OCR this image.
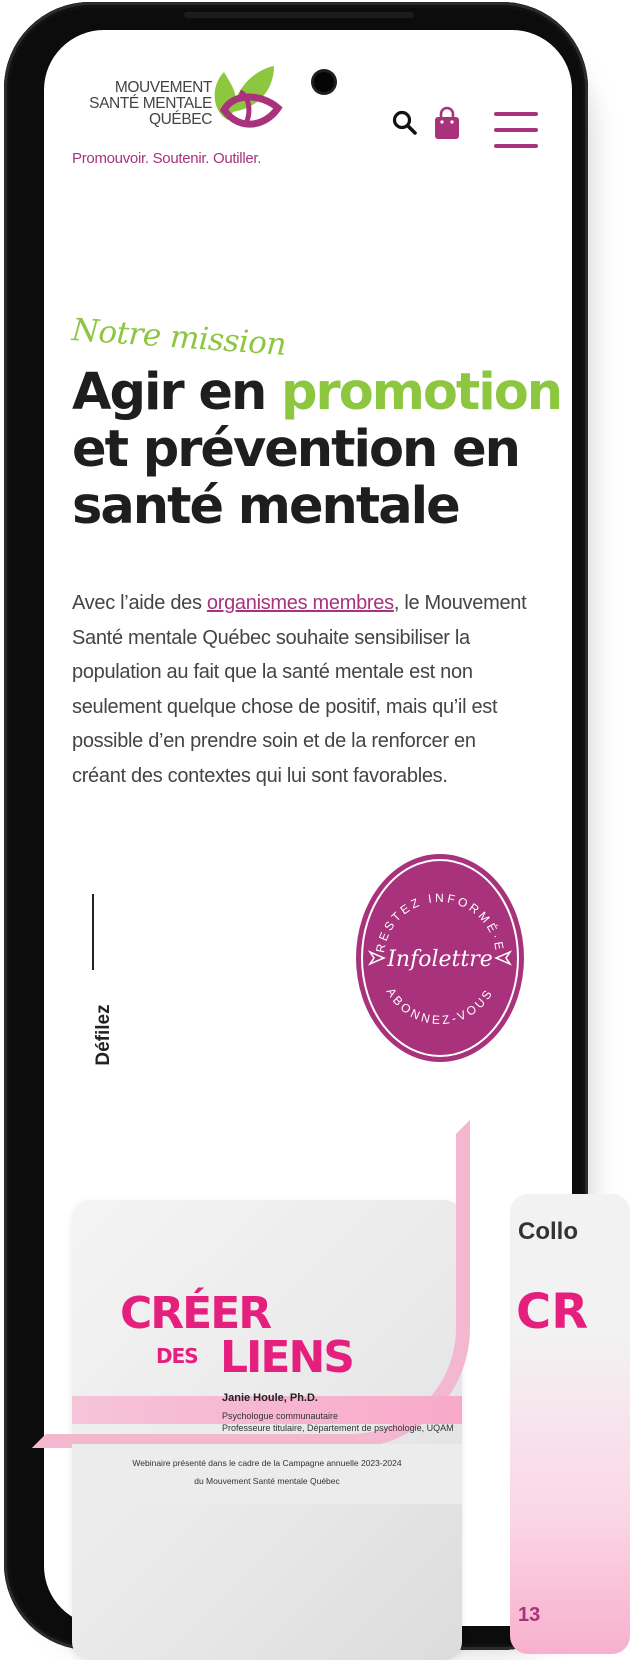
MOUVEMENT
SANTÉ MENTALE
QUÉBEC
Promouvoir. Soutenir. Outiller.
Notre mission
Agir en promotion
et prévention en
santé mentale

Avec l’aide des organismes membres, le Mouvement Santé mentale Québec souhaite sensibiliser la population au fait que la santé mentale est non seulement quelque chose de positif, mais qu’il est possible d’en prendre soin et de la renforcer en créant des contextes qui lui sont favorables.

Défilez
RESTEZ INFORMÉ·E
ABONNEZ-VOUS
Infolettre
CRÉER
DES LIENS
Janie Houle, Ph.D.
Psychologue communautaire
Professeure titulaire, Département de psychologie, UQAM
Webinaire présenté dans le cadre de la Campagne annuelle 2023-2024
du Mouvement Santé mentale Québec
Collo
CR
13
